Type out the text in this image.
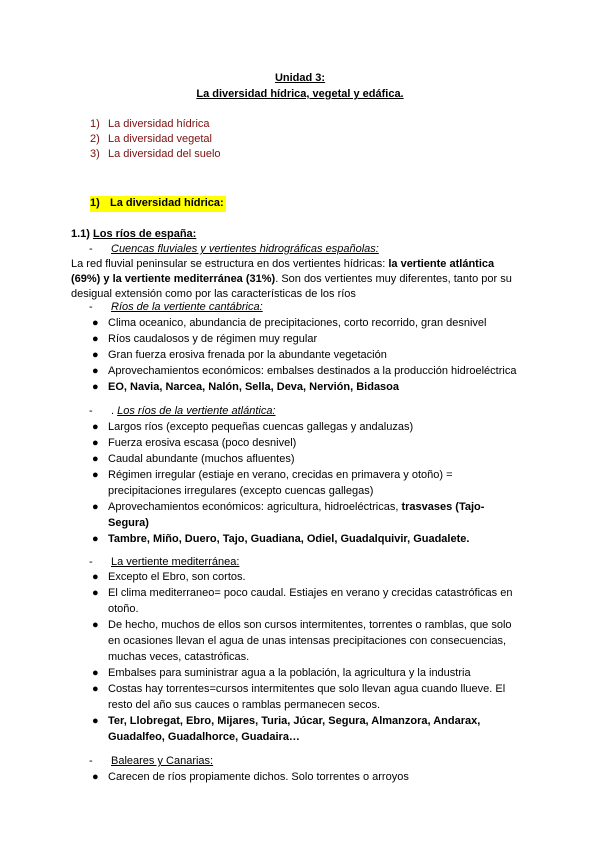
Unidad 3:
La diversidad hídrica, vegetal y edáfica.
1) La diversidad hídrica
2) La diversidad vegetal
3) La diversidad del suelo
1) La diversidad hídrica:
1.1) Los ríos de españa:
- Cuencas fluviales y vertientes hidrográficas españolas:
La red fluvial peninsular se estructura en dos vertientes hídricas: la vertiente atlántica
(69%) y la vertiente mediterránea (31%). Son dos vertientes muy diferentes, tanto por su
desigual extensión como por las características de los ríos
- Ríos de la vertiente cantábrica:
● Clima oceanico, abundancia de precipitaciones, corto recorrido, gran desnivel
● Ríos caudalosos y de régimen muy regular
● Gran fuerza erosiva frenada por la abundante vegetación
● Aprovechamientos económicos: embalses destinados a la producción hidroeléctrica
● EO, Navia, Narcea, Nalón, Sella, Deva, Nervión, Bidasoa
- . Los ríos de la vertiente atlántica:
● Largos ríos (excepto pequeñas cuencas gallegas y andaluzas)
● Fuerza erosiva escasa (poco desnivel)
● Caudal abundante (muchos afluentes)
● Régimen irregular (estiaje en verano, crecidas en primavera y otoño) =
precipitaciones irregulares (excepto cuencas gallegas)
● Aprovechamientos económicos: agricultura, hidroeléctricas, trasvases (Tajo-
Segura)
● Tambre, Miño, Duero, Tajo, Guadiana, Odiel, Guadalquivir, Guadalete.
- La vertiente mediterránea:
● Excepto el Ebro, son cortos.
● El clima mediterraneo= poco caudal. Estiajes en verano y crecidas catastróficas en
otoño.
● De hecho, muchos de ellos son cursos intermitentes, torrentes o ramblas, que solo
en ocasiones llevan el agua de unas intensas precipitaciones con consecuencias,
muchas veces, catastróficas.
● Embalses para suministrar agua a la población, la agricultura y la industria
● Costas hay torrentes=cursos intermitentes que solo llevan agua cuando llueve. El
resto del año sus cauces o ramblas permanecen secos.
● Ter, Llobregat, Ebro, Mijares, Turia, Júcar, Segura, Almanzora, Andarax,
Guadalfeo, Guadalhorce, Guadaira…
- Baleares y Canarias:
● Carecen de ríos propiamente dichos. Solo torrentes o arroyos
